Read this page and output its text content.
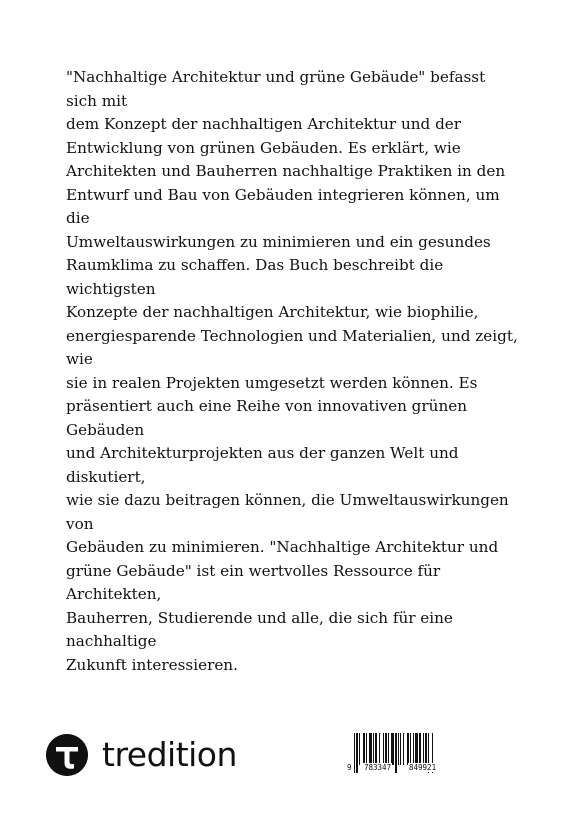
"Nachhaltige Architektur und grüne Gebäude" befasst sich mit
dem Konzept der nachhaltigen Architektur und der
Entwicklung von grünen Gebäuden. Es erklärt, wie
Architekten und Bauherren nachhaltige Praktiken in den
Entwurf und Bau von Gebäuden integrieren können, um die
Umweltauswirkungen zu minimieren und ein gesundes
Raumklima zu schaffen. Das Buch beschreibt die wichtigsten
Konzepte der nachhaltigen Architektur, wie biophilie,
energiesparende Technologien und Materialien, und zeigt, wie
sie in realen Projekten umgesetzt werden können. Es
präsentiert auch eine Reihe von innovativen grünen Gebäuden
und Architekturprojekten aus der ganzen Welt und diskutiert,
wie sie dazu beitragen können, die Umweltauswirkungen von
Gebäuden zu minimieren. "Nachhaltige Architektur und
grüne Gebäude" ist ein wertvolles Ressource für Architekten,
Bauherren, Studierende und alle, die sich für eine nachhaltige
Zukunft interessieren.

tredition	9 783347 849921
